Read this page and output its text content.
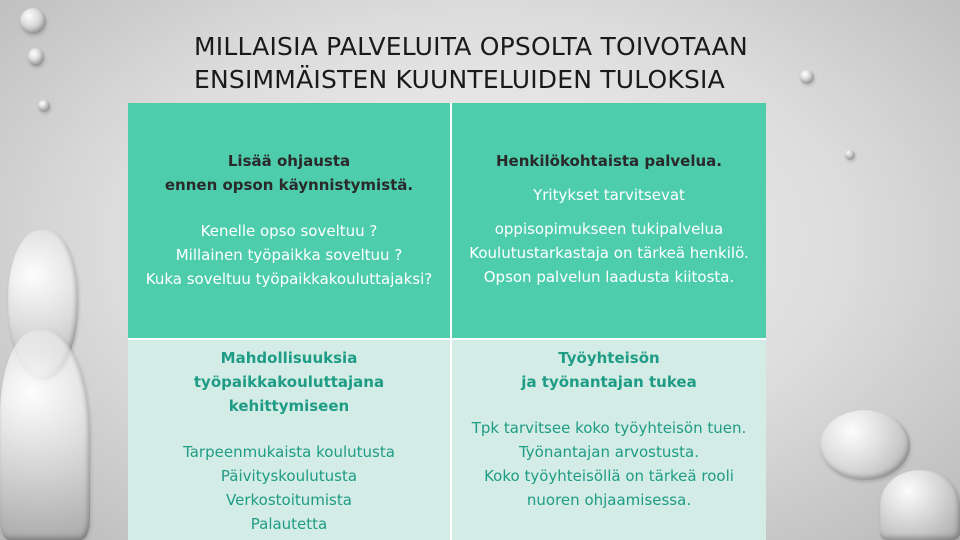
MILLAISIA PALVELUITA OPSOLTA TOIVOTAAN
ENSIMMÄISTEN KUUNTELUIDEN TULOKSIA
Lisää ohjausta
ennen opson käynnistymistä.
Kenelle opso soveltuu ?
Millainen työpaikka soveltuu ?
Kuka soveltuu työpaikkakouluttajaksi?
Henkilökohtaista palvelua.
Yritykset tarvitsevat
oppisopimukseen tukipalvelua
Koulutustarkastaja on tärkeä henkilö.
Opson palvelun laadusta kiitosta.
Mahdollisuuksia
työpaikkakouluttajana
kehittymiseen
Tarpeenmukaista koulutusta
Päivityskoulutusta
Verkostoitumista
Palautetta
Työyhteisön
ja työnantajan tukea
Tpk tarvitsee koko työyhteisön tuen.
Työnantajan arvostusta.
Koko työyhteisöllä on tärkeä rooli
nuoren ohjaamisessa.
